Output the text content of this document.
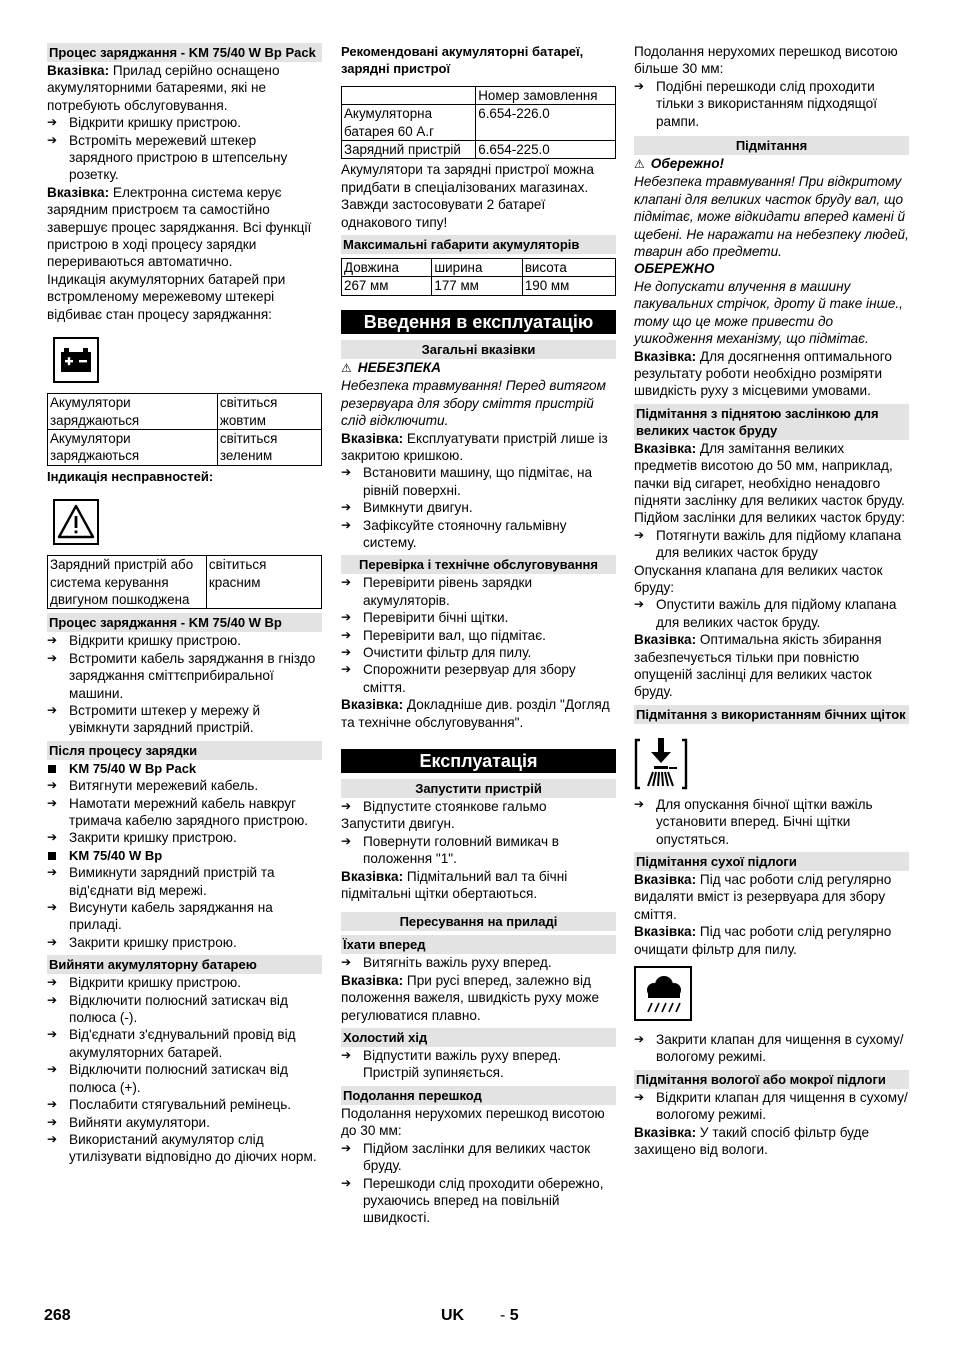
Процес заряджання - KM 75/40 W Bp Pack

Вказівка: Прилад серійно оснащено акумуляторними батареями, які не потребують обслуговування.

➔ Відкрити кришку пристрою.

➔ Встроміть мережевий штекер зарядного пристрою в штепсельну розетку.

Вказівка: Електронна система керує зарядним пристроєм та самостійно завершує процес заряджання. Всі функції пристрою в ході процесу зарядки перериваються автоматично.

Індикація акумуляторних батарей при встромленому мережевому штекері відбиває стан процесу заряджання:

Акумулятори заряджаються	світиться жовтим
Акумулятори заряджаються	світиться зеленим

Індикація несправностей:

Зарядний пристрій або система керування двигуном пошкоджена	світиться красним
Процес заряджання - KM 75/40 W Bp

➔ Відкрити кришку пристрою.

➔ Встромити кабель заряджання в гніздо заряджання сміттєприбиральної машини.

➔ Встромити штекер у мережу й увімкнути зарядний пристрій.

Після процесу зарядки

KM 75/40 W Bp Pack

➔ Витягнути мережевий кабель.

➔ Намотати мережний кабель навкруг тримача кабелю зарядного пристрою.

➔ Закрити кришку пристрою.

KM 75/40 W Bp

➔ Вимикнути зарядний пристрій та від'єднати від мережі.

➔ Висунути кабель заряджання на приладі.

➔ Закрити кришку пристрою.

Вийняти акумуляторну батарею

➔ Відкрити кришку пристрою.

➔ Відключити полюсний затискач від полюса (-).

➔ Від'єднати з'єднувальний провід від акумуляторних батарей.

➔ Відключити полюсний затискач від полюса (+).

➔ Послабити стягувальний ремінець.

➔ Вийняти акумулятори.

➔ Використаний акумулятор слід утилізувати відповідно до діючих норм.

Рекомендовані акумуляторні батареї, зарядні пристрої

	Номер замовлення
Акумуляторна батарея 60 А.г	6.654-226.0
Зарядний пристрій	6.654-225.0

Акумулятори та зарядні пристрої можна придбати в спеціалізованих магазинах. Завжди застосовувати 2 батареї однакового типу!

Максимальні габарити акумуляторів
Довжина	ширина	висота
267 мм	177 мм	190 мм
Введення в експлуатацію
Загальні вказівки

⚠ НЕБЕЗПЕКА

Небезпека травмування! Перед витягом резервуара для збору сміття пристрій слід відключити.

Вказівка: Експлуатувати пристрій лише із закритою кришкою.

➔ Встановити машину, що підмітає, на рівній поверхні.

➔ Вимкнути двигун.

➔ Зафіксуйте стояночну гальмівну систему.

Перевірка і технічне обслуговування

➔ Перевірити рівень зарядки акумуляторів.

➔ Перевірити бічні щітки.

➔ Перевірити вал, що підмітає.

➔ Очистити фільтр для пилу.

➔ Спорожнити резервуар для збору сміття.

Вказівка: Докладніше див. розділ "Догляд та технічне обслуговування".

Експлуатація
Запустити пристрій

➔ Відпустите стоянкове гальмо

Запустити двигун.

➔ Повернути головний вимикач в положення "1".

Вказівка: Підмітальний вал та бічні підмітальні щітки обертаються.

Пересування на приладі
Їхати вперед

➔ Витягніть важіль руху вперед.

Вказівка: При русі вперед, залежно від положення важеля, швидкість руху може регулюватися плавно.

Холостий хід

➔ Відпустити важіль руху вперед. Пристрій зупиняється.

Подолання перешкод

Подолання нерухомих перешкод висотою до 30 мм:

➔ Підйом заслінки для великих часток бруду.

➔ Перешкоди слід проходити обережно, рухаючись вперед на повільній швидкості.

Подолання нерухомих перешкод висотою більше 30 мм:

➔ Подібні перешкоди слід проходити тільки з використанням підходящої рампи.

Підмітання

⚠ Обережно!

Небезпека травмування! При відкритому клапані для великих часток бруду вал, що підмітає, може відкидати вперед камені й щебені. Не наражати на небезпеку людей, тварин або предмети.

ОБЕРЕЖНО

Не допускати влучення в машину пакувальних стрічок, дроту й таке інше., тому що це може привести до ушкодження механізму, що підмітає.

Вказівка: Для досягнення оптимального результату роботи необхідно розміряти швидкість руху з місцевими умовами.

Підмітання з піднятою заслінкою для великих часток бруду

Вказівка: Для замітання великих предметів висотою до 50 мм, наприклад, пачки від сигарет, необхідно ненадовго підняти заслінку для великих часток бруду.

Підйом заслінки для великих часток бруду:

➔ Потягнути важіль для підйому клапана для великих часток бруду

Опускання клапана для великих часток бруду:

➔ Опустити важіль для підйому клапана для великих часток бруду.

Вказівка: Оптимальна якість збирання забезпечується тільки при повністю опущеній заслінці для великих часток бруду.

Підмітання з використанням бічних щіток

➔ Для опускання бічної щітки важіль установити вперед. Бічні щітки опустяться.

Підмітання сухої підлоги

Вказівка: Під час роботи слід регулярно видаляти вміст із резервуара для збору сміття.

Вказівка: Під час роботи слід регулярно очищати фільтр для пилу.

➔ Закрити клапан для чищення в сухому/вологому режимі.

Підмітання вологої або мокрої підлоги

➔ Відкрити клапан для чищення в сухому/вологому режимі.

Вказівка: У такий спосіб фільтр буде захищено від вологи.

268	UK - 5
